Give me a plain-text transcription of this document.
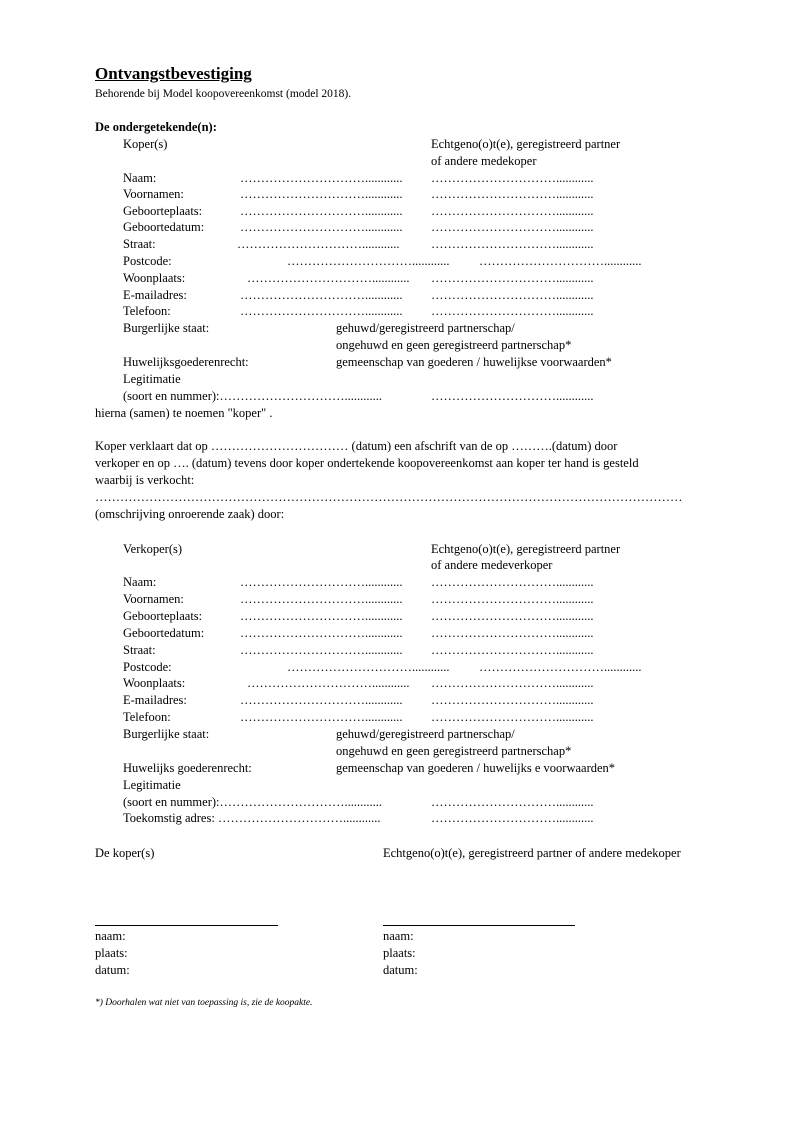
Ontvangstbevestiging
Behorende bij Model koopovereenkomst (model 2018).
De ondergetekende(n):
Koper(s)	Echtgeno(o)t(e), geregistreerd partner
of andere medekoper
Naam:	…………………………............ …………………………............
Voornamen:	…………………………............ …………………………............
Geboorteplaats:	…………………………............ …………………………............
Geboortedatum:	…………………………............ …………………………............
Straat:	…………………………............	…………………………............
Postcode:	…………………………............ …………………………............
Woonplaats:	…………………………............ …………………………............
E-mailadres:	…………………………............ …………………………............
Telefoon:	…………………………............ …………………………............
Burgerlijke staat:	gehuwd/geregistreerd partnerschap/
ongehuwd en geen geregistreerd partnerschap*
Huwelijksgoederenrecht:	gemeenschap van goederen / huwelijkse voorwaarden*
Legitimatie
(soort en nummer):…………………………............	…………………………............
hierna (samen) te noemen "koper" .
Koper verklaart dat op …………………………… (datum) een afschrift van de op ……….(datum) door
verkoper en op …. (datum) tevens door koper ondertekende koopovereenkomst aan koper ter hand is gesteld
waarbij is verkocht:
……………………………………………………………………………………………………………………………
(omschrijving onroerende zaak) door:
Verkoper(s)	Echtgeno(o)t(e), geregistreerd partner
of andere medeverkoper
Naam:	…………………………............ …………………………............
Voornamen:	…………………………............ …………………………............
Geboorteplaats:	…………………………............ …………………………............
Geboortedatum:	…………………………............ …………………………............
Straat:	…………………………............ …………………………............
Postcode:	…………………………............ …………………………............
Woonplaats:	…………………………............ …………………………............
E-mailadres:	…………………………............ …………………………............
Telefoon:	…………………………............ …………………………............
Burgerlijke staat:	gehuwd/geregistreerd partnerschap/
ongehuwd en geen geregistreerd partnerschap*
Huwelijks goederenrecht:	gemeenschap van goederen / huwelijks e voorwaarden*
Legitimatie
(soort en nummer):…………………………............	…………………………............
Toekomstig adres: …………………………............	…………………………............
De koper(s)	Echtgeno(o)t(e), geregistreerd partner of andere medekoper
naam:	naam:
plaats:	plaats:
datum:	datum:
*) Doorhalen wat niet van toepassing is, zie de koopakte.
